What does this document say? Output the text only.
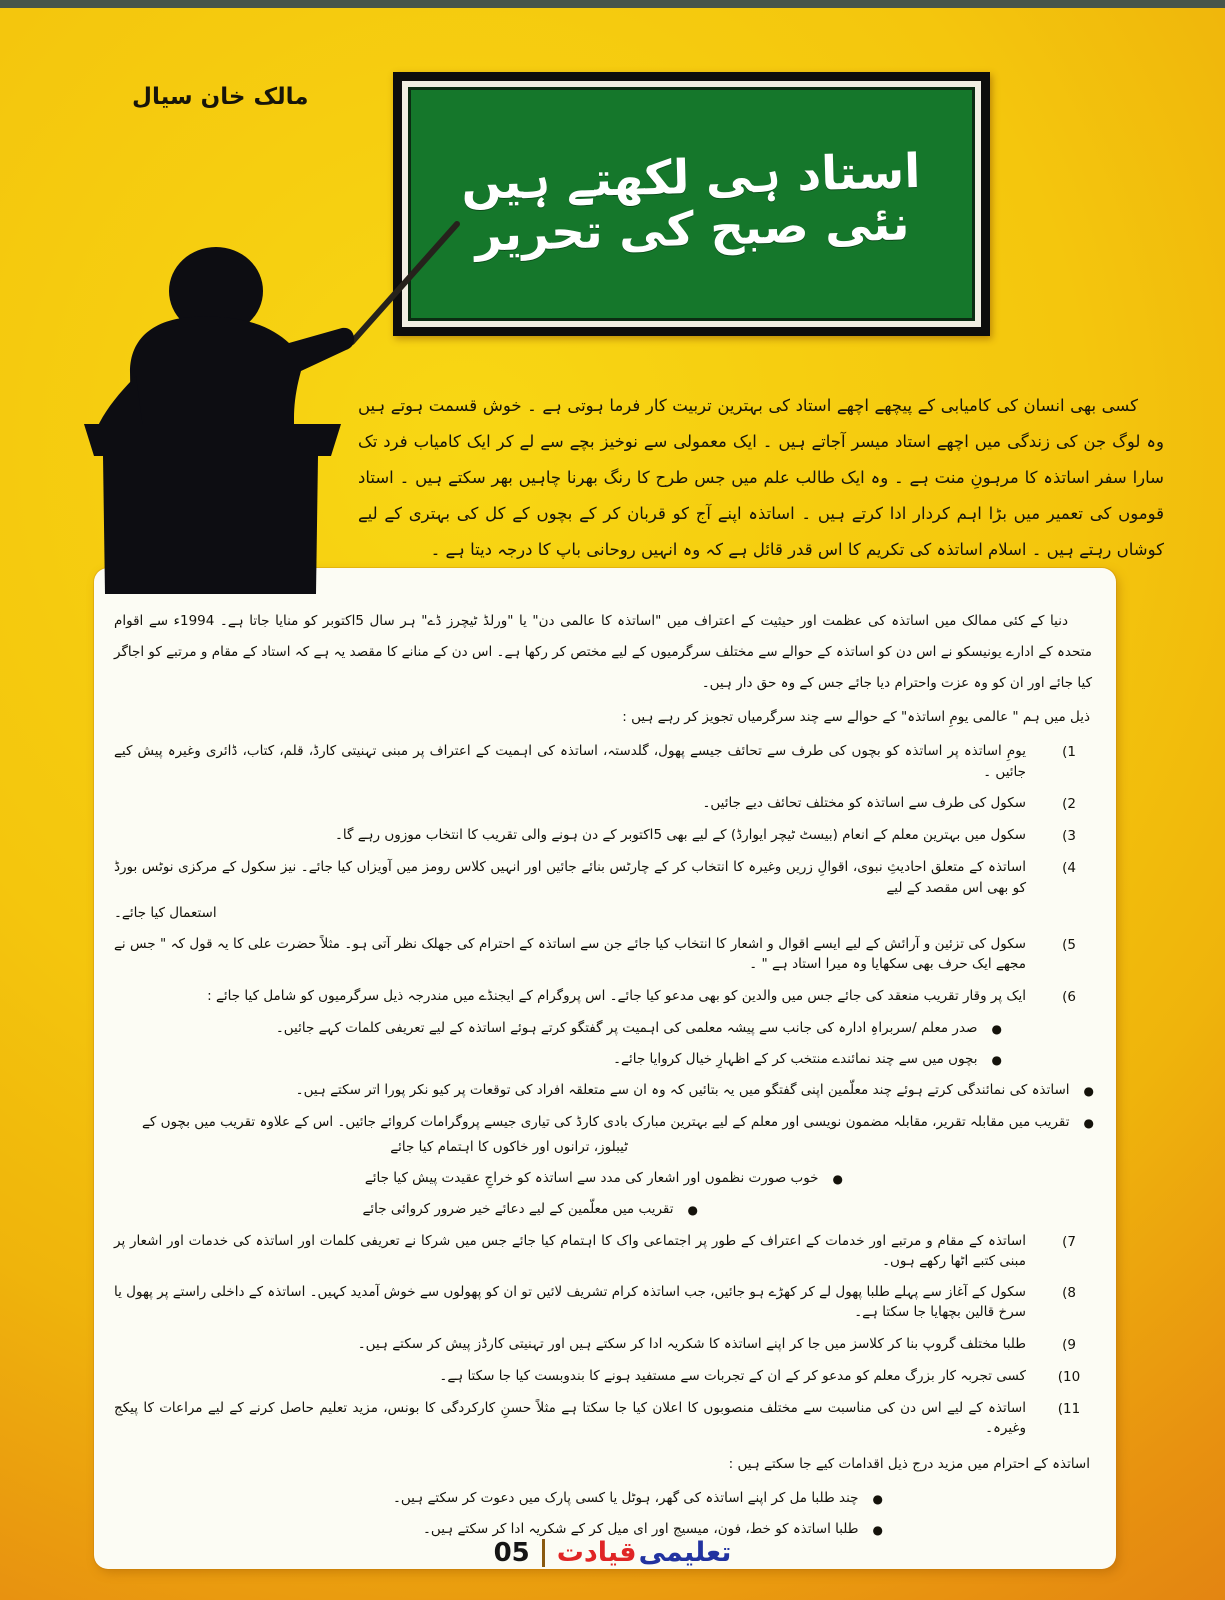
مالک خان سیال
استاد ہی لکھتے ہیں نئی صبح کی تحریر
کسی بھی انسان کی کامیابی کے پیچھے اچھے استاد کی بہترین تربیت کار فرما ہوتی ہے ۔ خوش قسمت ہوتے ہیں وہ لوگ جن کی زندگی میں اچھے استاد میسر آجاتے ہیں ۔ ایک معمولی سے نوخیز بچے سے لے کر ایک کامیاب فرد تک سارا سفر اساتذہ کا مرہونِ منت ہے ۔ وہ ایک طالب علم میں جس طرح کا رنگ بھرنا چاہیں بھر سکتے ہیں ۔ استاد قوموں کی تعمیر میں بڑا اہم کردار ادا کرتے ہیں ۔ اساتذہ اپنے آج کو قربان کر کے بچوں کے کل کی بہتری کے لیے کوشاں رہتے ہیں ۔ اسلام اساتذہ کی تکریم کا اس قدر قائل ہے کہ وہ انہیں روحانی باپ کا درجہ دیتا ہے ۔
دنیا کے کئی ممالک میں اساتذہ کی عظمت اور حیثیت کے اعتراف میں "اساتذہ کا عالمی دن" یا "ورلڈ ٹیچرز ڈے" ہر سال 5اکتوبر کو منایا جاتا ہے۔ 1994ء سے اقوام متحدہ کے ادارے یونیسکو نے اس دن کو اساتذہ کے حوالے سے مختلف سرگرمیوں کے لیے مختص کر رکھا ہے۔ اس دن کے منانے کا مقصد یہ ہے کہ استاد کے مقام و مرتبے کو اجاگر کیا جائے اور ان کو وہ عزت واحترام دیا جائے جس کے وہ حق دار ہیں۔
ذیل میں ہم " عالمی یومِ اساتذہ" کے حوالے سے چند سرگرمیاں تجویز کر رہے ہیں :
(1
یومِ اساتذہ پر اساتذہ کو بچوں کی طرف سے تحائف جیسے پھول، گلدستہ، اساتذہ کی اہمیت کے اعتراف پر مبنی تہنیتی کارڈ، قلم، کتاب، ڈائری وغیرہ پیش کیے جائیں ۔
(2
سکول کی طرف سے اساتذہ کو مختلف تحائف دیے جائیں۔
(3
سکول میں بہترین معلم کے انعام (بیسٹ ٹیچر ایوارڈ) کے لیے بھی 5اکتوبر کے دن ہونے والی تقریب کا انتخاب موزوں رہے گا۔
(4
اساتذہ کے متعلق احادیثِ نبوی، اقوالِ زریں وغیرہ کا انتخاب کر کے چارٹس بنائے جائیں اور انہیں کلاس رومز میں آویزاں کیا جائے۔ نیز سکول کے مرکزی نوٹس بورڈ کو بھی اس مقصد کے لیے
استعمال کیا جائے۔
(5
سکول کی تزئین و آرائش کے لیے ایسے اقوال و اشعار کا انتخاب کیا جائے جن سے اساتذہ کے احترام کی جھلک نظر آتی ہو۔ مثلاً حضرت علی کا یہ قول کہ " جس نے مجھے ایک حرف بھی سکھایا وہ میرا استاد ہے " ۔
(6
ایک پر وقار تقریب منعقد کی جائے جس میں والدین کو بھی مدعو کیا جائے۔ اس پروگرام کے ایجنڈے میں مندرجہ ذیل سرگرمیوں کو شامل کیا جائے :
●
صدر معلم /سربراہِ ادارہ کی جانب سے پیشہ معلمی کی اہمیت پر گفتگو کرتے ہوئے اساتذہ کے لیے تعریفی کلمات کہے جائیں۔
●
بچوں میں سے چند نمائندے منتخب کر کے اظہارِ خیال کروایا جائے۔
●
اساتذہ کی نمائندگی کرتے ہوئے چند معلّمین اپنی گفتگو میں یہ بتائیں کہ وہ ان سے متعلقہ افراد کی توقعات پر کیو نکر پورا اتر سکتے ہیں۔
●
تقریب میں مقابلہ تقریر، مقابلہ مضمون نویسی اور معلم کے لیے بہترین مبارک بادی کارڈ کی تیاری جیسے پروگرامات کروائے جائیں۔ اس کے علاوہ تقریب میں بچوں کے
ٹیبلوز، ترانوں اور خاکوں کا اہتمام کیا جائے
●
خوب صورت نظموں اور اشعار کی مدد سے اساتذہ کو خراجِ عقیدت پیش کیا جائے
●
تقریب میں معلّمین کے لیے دعائے خیر ضرور کروائی جائے
(7
اساتذہ کے مقام و مرتبے اور خدمات کے اعتراف کے طور پر اجتماعی واک کا اہتمام کیا جائے جس میں شرکا نے تعریفی کلمات اور اساتذہ کی خدمات اور اشعار پر مبنی کتبے اٹھا رکھے ہوں۔
(8
سکول کے آغاز سے پہلے طلبا پھول لے کر کھڑے ہو جائیں، جب اساتذہ کرام تشریف لائیں تو ان کو پھولوں سے خوش آمدید کہیں۔ اساتذہ کے داخلی راستے پر پھول یا سرخ قالین بچھایا جا سکتا ہے۔
(9
طلبا مختلف گروپ بنا کر کلاسز میں جا کر اپنے اساتذہ کا شکریہ ادا کر سکتے ہیں اور تہنیتی کارڈز پیش کر سکتے ہیں۔
(10
کسی تجربہ کار بزرگ معلم کو مدعو کر کے ان کے تجربات سے مستفید ہونے کا بندوبست کیا جا سکتا ہے۔
(11
اساتذہ کے لیے اس دن کی مناسبت سے مختلف منصوبوں کا اعلان کیا جا سکتا ہے مثلاً حسنِ کارکردگی کا بونس، مزید تعلیم حاصل کرنے کے لیے مراعات کا پیکج وغیرہ۔
اساتذہ کے احترام میں مزید درج ذیل اقدامات کیے جا سکتے ہیں :
●
چند طلبا مل کر اپنے اساتذہ کی گھر، ہوٹل یا کسی پارک میں دعوت کر سکتے ہیں۔
●
طلبا اساتذہ کو خط، فون، میسیج اور ای میل کر کے شکریہ ادا کر سکتے ہیں۔
تعلیمی
قیادت
05
